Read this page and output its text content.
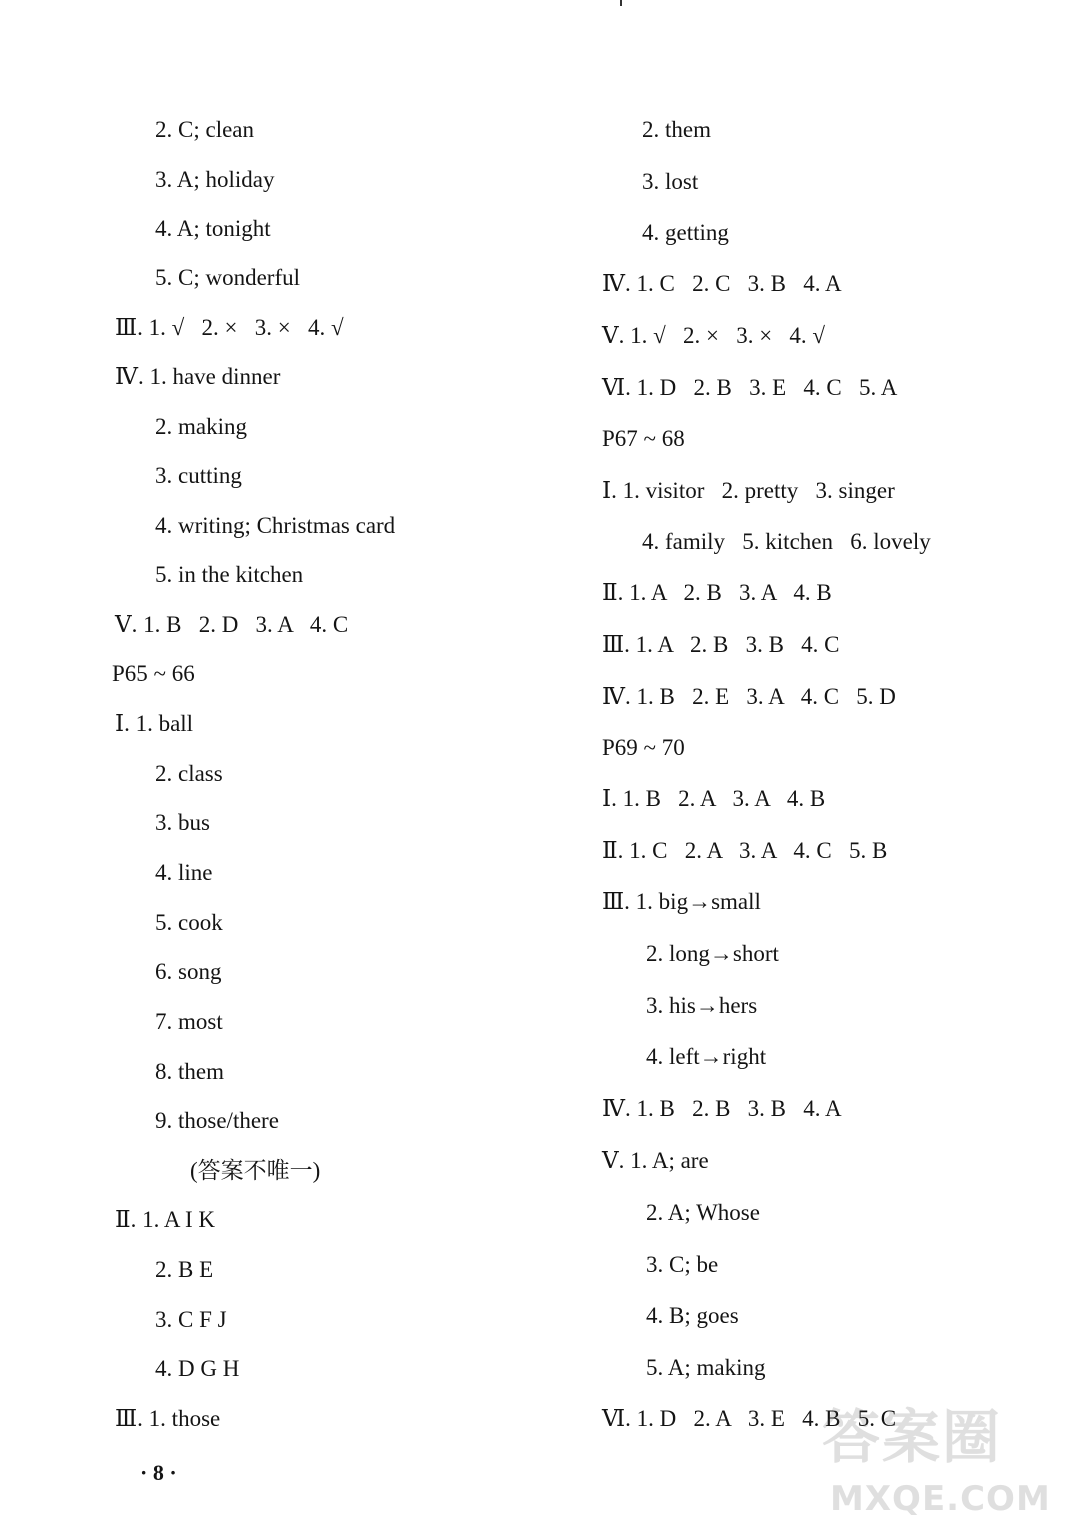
2. C; clean
3. A; holiday
4. A; tonight
5. C; wonderful
Ⅲ. 1. √   2. ×   3. ×   4. √
Ⅳ. 1. have dinner
2. making
3. cutting
4. writing; Christmas card
5. in the kitchen
Ⅴ. 1. B   2. D   3. A   4. C
P65 ~ 66
Ⅰ. 1. ball
2. class
3. bus
4. line
5. cook
6. song
7. most
8. them
9. those/there
(答案不唯一)
Ⅱ. 1. A I K
2. B E
3. C F J
4. D G H
Ⅲ. 1. those
2. them
3. lost
4. getting
Ⅳ. 1. C   2. C   3. B   4. A
Ⅴ. 1. √   2. ×   3. ×   4. √
Ⅵ. 1. D   2. B   3. E   4. C   5. A
P67 ~ 68
Ⅰ. 1. visitor   2. pretty   3. singer
4. family   5. kitchen   6. lovely
Ⅱ. 1. A   2. B   3. A   4. B
Ⅲ. 1. A   2. B   3. B   4. C
Ⅳ. 1. B   2. E   3. A   4. C   5. D
P69 ~ 70
Ⅰ. 1. B   2. A   3. A   4. B
Ⅱ. 1. C   2. A   3. A   4. C   5. B
Ⅲ. 1. big→small
2. long→short
3. his→hers
4. left→right
Ⅳ. 1. B   2. B   3. B   4. A
Ⅴ. 1. A; are
2. A; Whose
3. C; be
4. B; goes
5. A; making
Ⅵ. 1. D   2. A   3. E   4. B   5. C
· 8 ·
答案圈
MXQE.COM
